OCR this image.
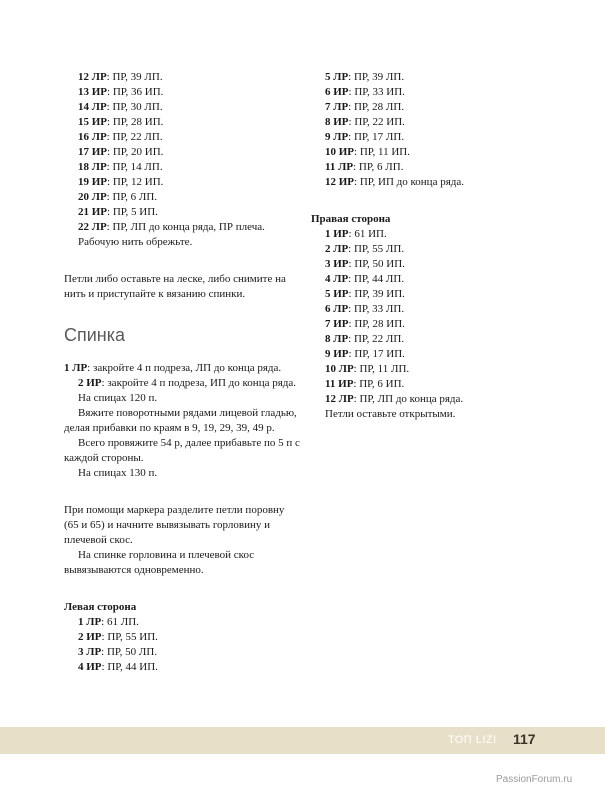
ТОП LIZI 117
PassionForum.ru
12 ЛР: ПР, 39 ЛП.
13 ИР: ПР, 36 ИП.
14 ЛР: ПР, 30 ЛП.
15 ИР: ПР, 28 ИП.
16 ЛР: ПР, 22 ЛП.
17 ИР: ПР, 20 ИП.
18 ЛР: ПР, 14 ЛП.
19 ИР: ПР, 12 ИП.
20 ЛР: ПР, 6 ЛП.
21 ИР: ПР, 5 ИП.
22 ЛР: ПР, ЛП до конца ряда, ПР плеча.
Рабочую нить обрежьте.
Петли либо оставьте на леске, либо снимите на нить и приступайте к вязанию спинки.
Спинка
1 ЛР: закройте 4 п подреза, ЛП до конца ряда.
2 ИР: закройте 4 п подреза, ИП до конца ряда.
На спицах 120 п.
Вяжите поворотными рядами лицевой гладью, делая прибавки по краям в 9, 19, 29, 39, 49 р.
Всего провяжите 54 р, далее прибавьте по 5 п с каждой стороны.
На спицах 130 п.
При помощи маркера разделите петли поровну (65 и 65) и начните вывязывать горловину и плечевой скос.
На спинке горловина и плечевой скос вывязываются одновременно.
Левая сторона
1 ЛР: 61 ЛП.
2 ИР: ПР, 55 ИП.
3 ЛР: ПР, 50 ЛП.
4 ИР: ПР, 44 ИП.
5 ЛР: ПР, 39 ЛП.
6 ИР: ПР, 33 ИП.
7 ЛР: ПР, 28 ЛП.
8 ИР: ПР, 22 ИП.
9 ЛР: ПР, 17 ЛП.
10 ИР: ПР, 11 ИП.
11 ЛР: ПР, 6 ЛП.
12 ИР: ПР, ИП до конца ряда.
Правая сторона
1 ИР: 61 ИП.
2 ЛР: ПР, 55 ЛП.
3 ИР: ПР, 50 ИП.
4 ЛР: ПР, 44 ЛП.
5 ИР: ПР, 39 ИП.
6 ЛР: ПР, 33 ЛП.
7 ИР: ПР, 28 ИП.
8 ЛР: ПР, 22 ЛП.
9 ИР: ПР, 17 ИП.
10 ЛР: ПР, 11 ЛП.
11 ИР: ПР, 6 ИП.
12 ЛР: ПР, ЛП до конца ряда.
Петли оставьте открытыми.
